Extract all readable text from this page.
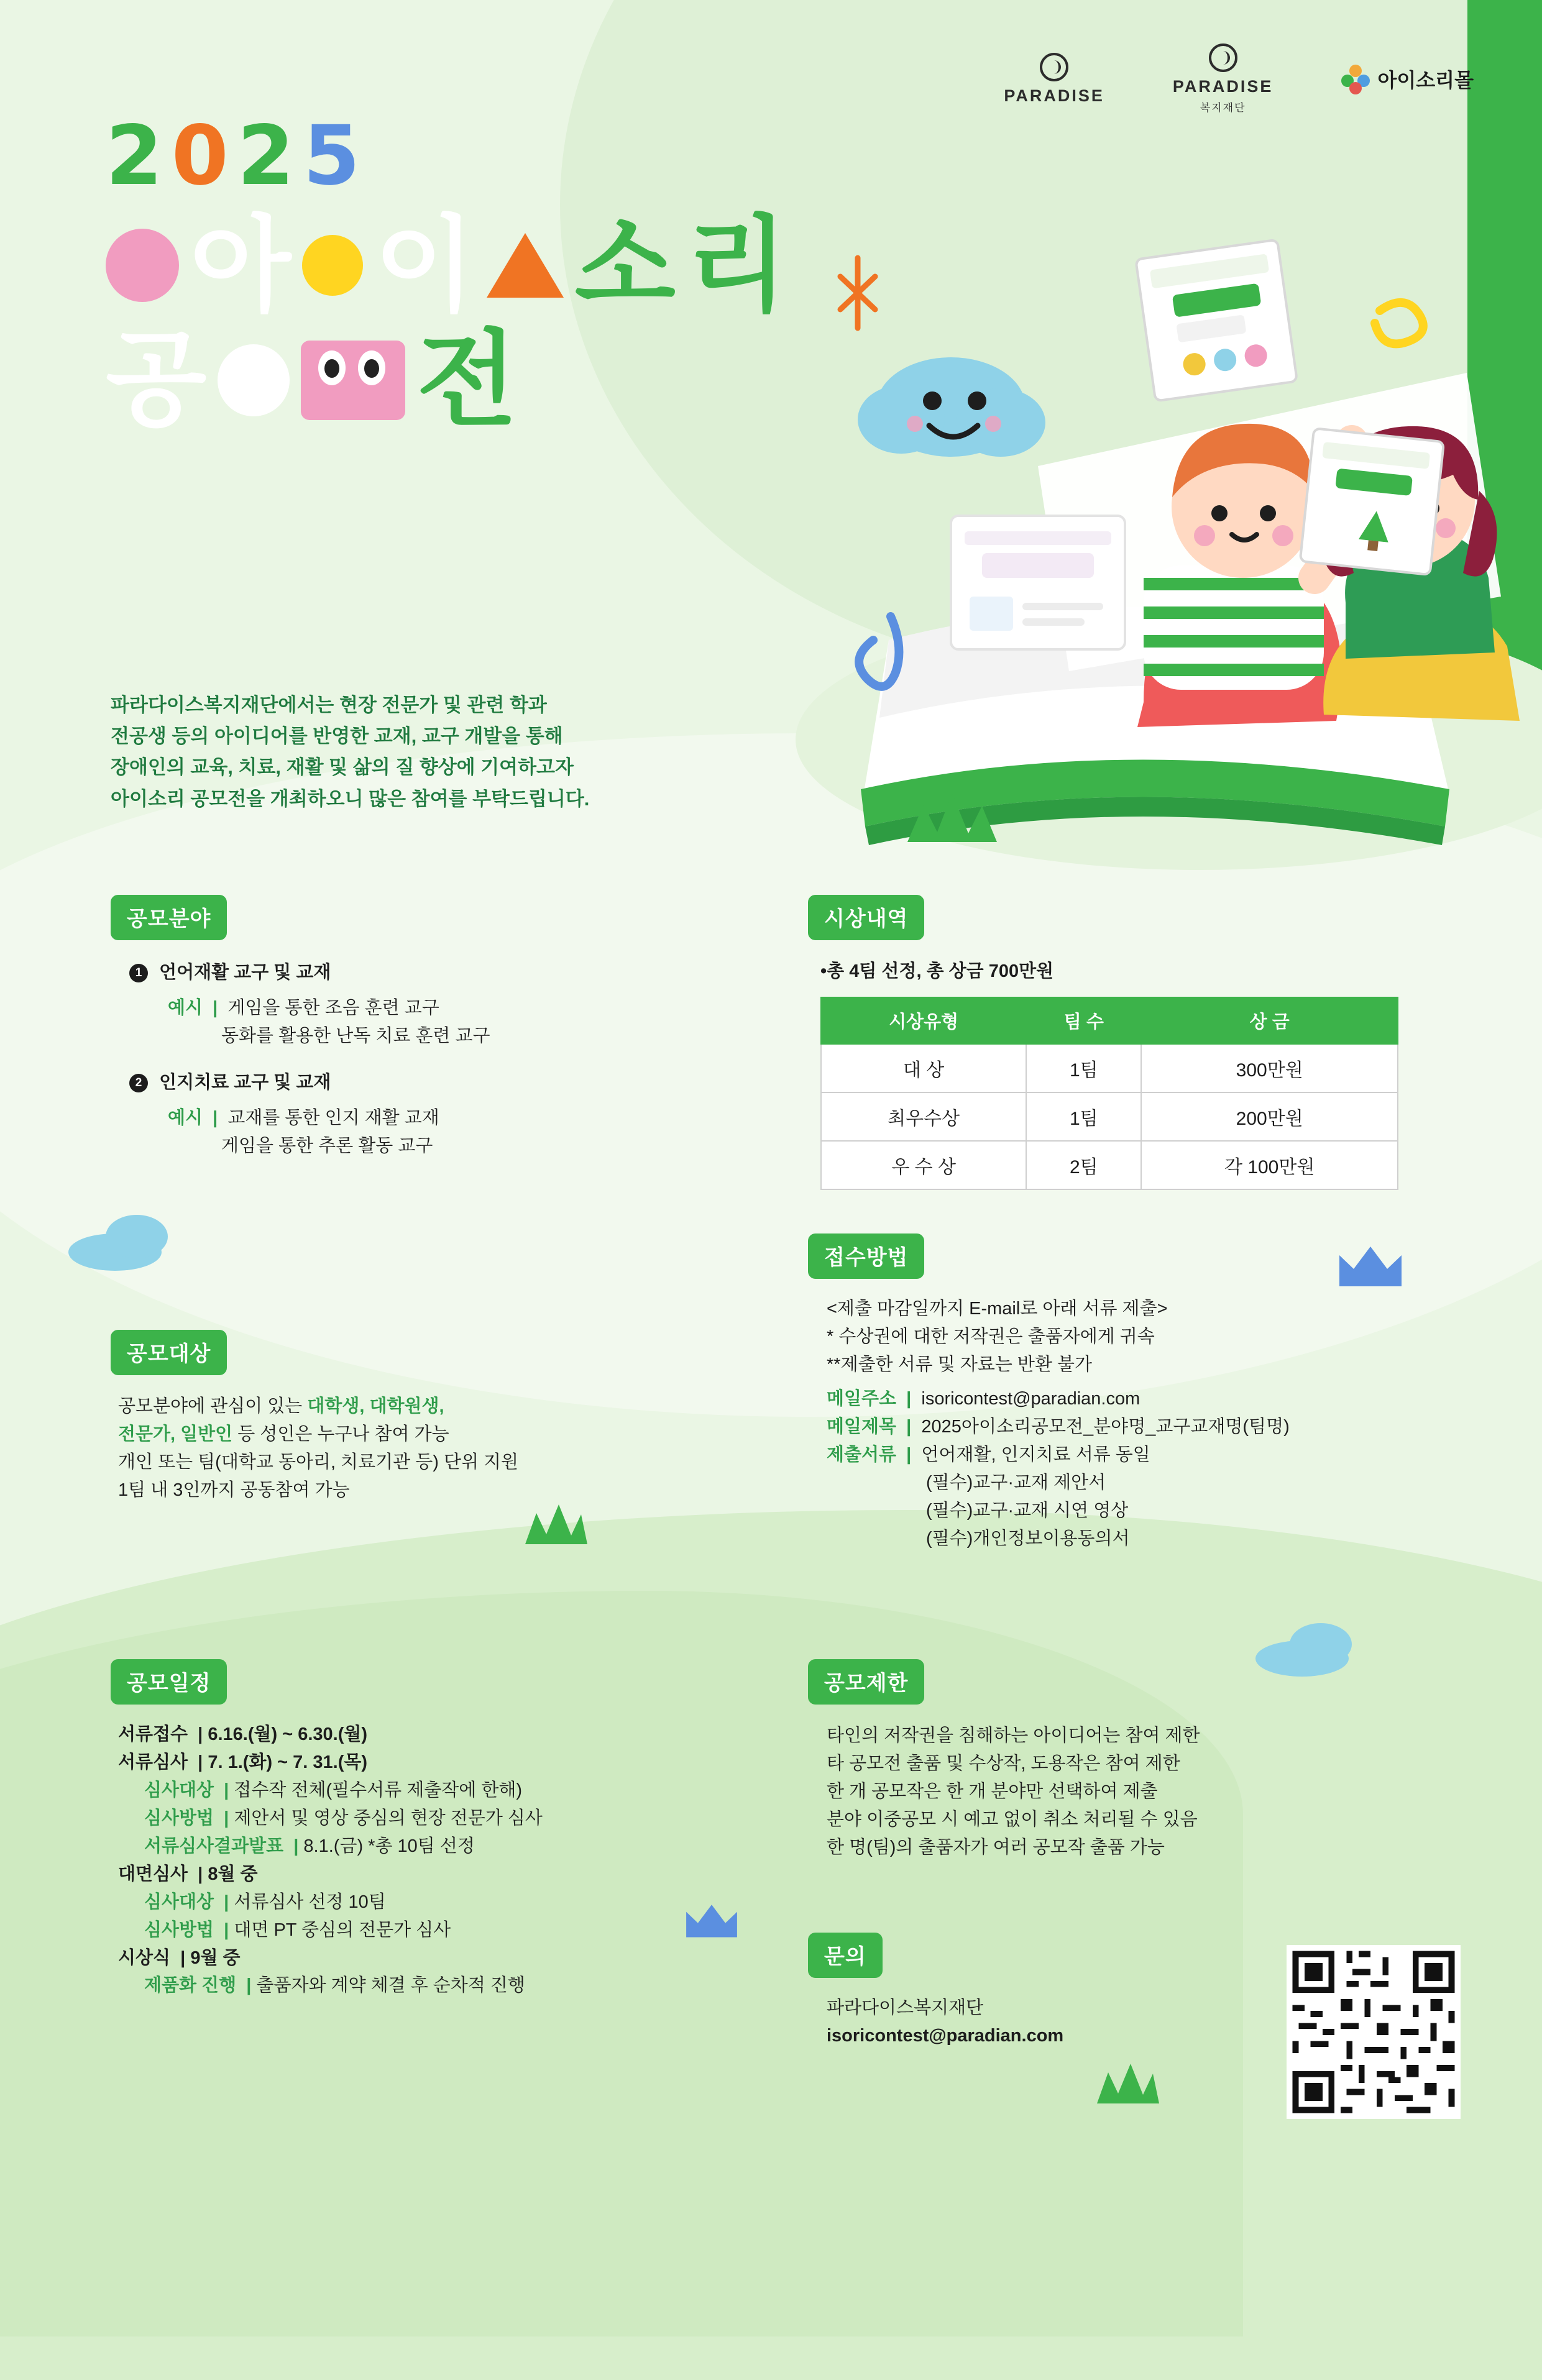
PARADISE	PARADISE
복지재단
아이소리몰
2 0 2 5
아 이 소 리
공 전
파라다이스복지재단에서는 현장 전문가 및 관련 학과
전공생 등의 아이디어를 반영한 교재, 교구 개발을 통해
장애인의 교육, 치료, 재활 및 삶의 질 향상에 기여하고자
아이소리 공모전을 개최하오니 많은 참여를 부탁드립니다.
공모분야
1 언어재활 교구 및 교재
예시  |  게임을 통한 조음 훈련 교구
동화를 활용한 난독 치료 훈련 교구
2 인지치료 교구 및 교재
예시  |  교재를 통한 인지 재활 교재
게임을 통한 추론 활동 교구
공모대상
공모분야에 관심이 있는 대학생, 대학원생,
전문가, 일반인 등 성인은 누구나 참여 가능
개인 또는 팀(대학교 동아리, 치료기관 등) 단위 지원
1팀 내 3인까지 공동참여 가능
공모일정
서류접수  | 6.16.(월) ~ 6.30.(월)
서류심사  | 7. 1.(화) ~ 7. 31.(목)
심사대상  | 접수작 전체(필수서류 제출작에 한해)
심사방법  | 제안서 및 영상 중심의 현장 전문가 심사
서류심사결과발표  | 8.1.(금) *총 10팀 선정
대면심사  | 8월 중
심사대상  | 서류심사 선정 10팀
심사방법  | 대면 PT 중심의 전문가 심사
시상식  | 9월 중
제품화 진행  | 출품자와 계약 체결 후 순차적 진행
시상내역
•총 4팀 선정, 총 상금 700만원
시상유형	팀 수	상 금
대 상	1팀	300만원
최우수상	1팀	200만원
우 수 상	2팀	각 100만원
접수방법
<제출 마감일까지 E-mail로 아래 서류 제출>
* 수상권에 대한 저작권은 출품자에게 귀속
**제출한 서류 및 자료는 반환 불가
메일주소  |  isoricontest@paradian.com
메일제목  |  2025아이소리공모전_분야명_교구교재명(팀명)
제출서류  |  언어재활, 인지치료 서류 동일
(필수)교구·교재 제안서
(필수)교구·교재 시연 영상
(필수)개인정보이용동의서
공모제한
타인의 저작권을 침해하는 아이디어는 참여 제한
타 공모전 출품 및 수상작, 도용작은 참여 제한
한 개 공모작은 한 개 분야만 선택하여 제출
분야 이중공모 시 예고 없이 취소 처리될 수 있음
한 명(팀)의 출품자가 여러 공모작 출품 가능
문의
파라다이스복지재단
isoricontest@paradian.com
